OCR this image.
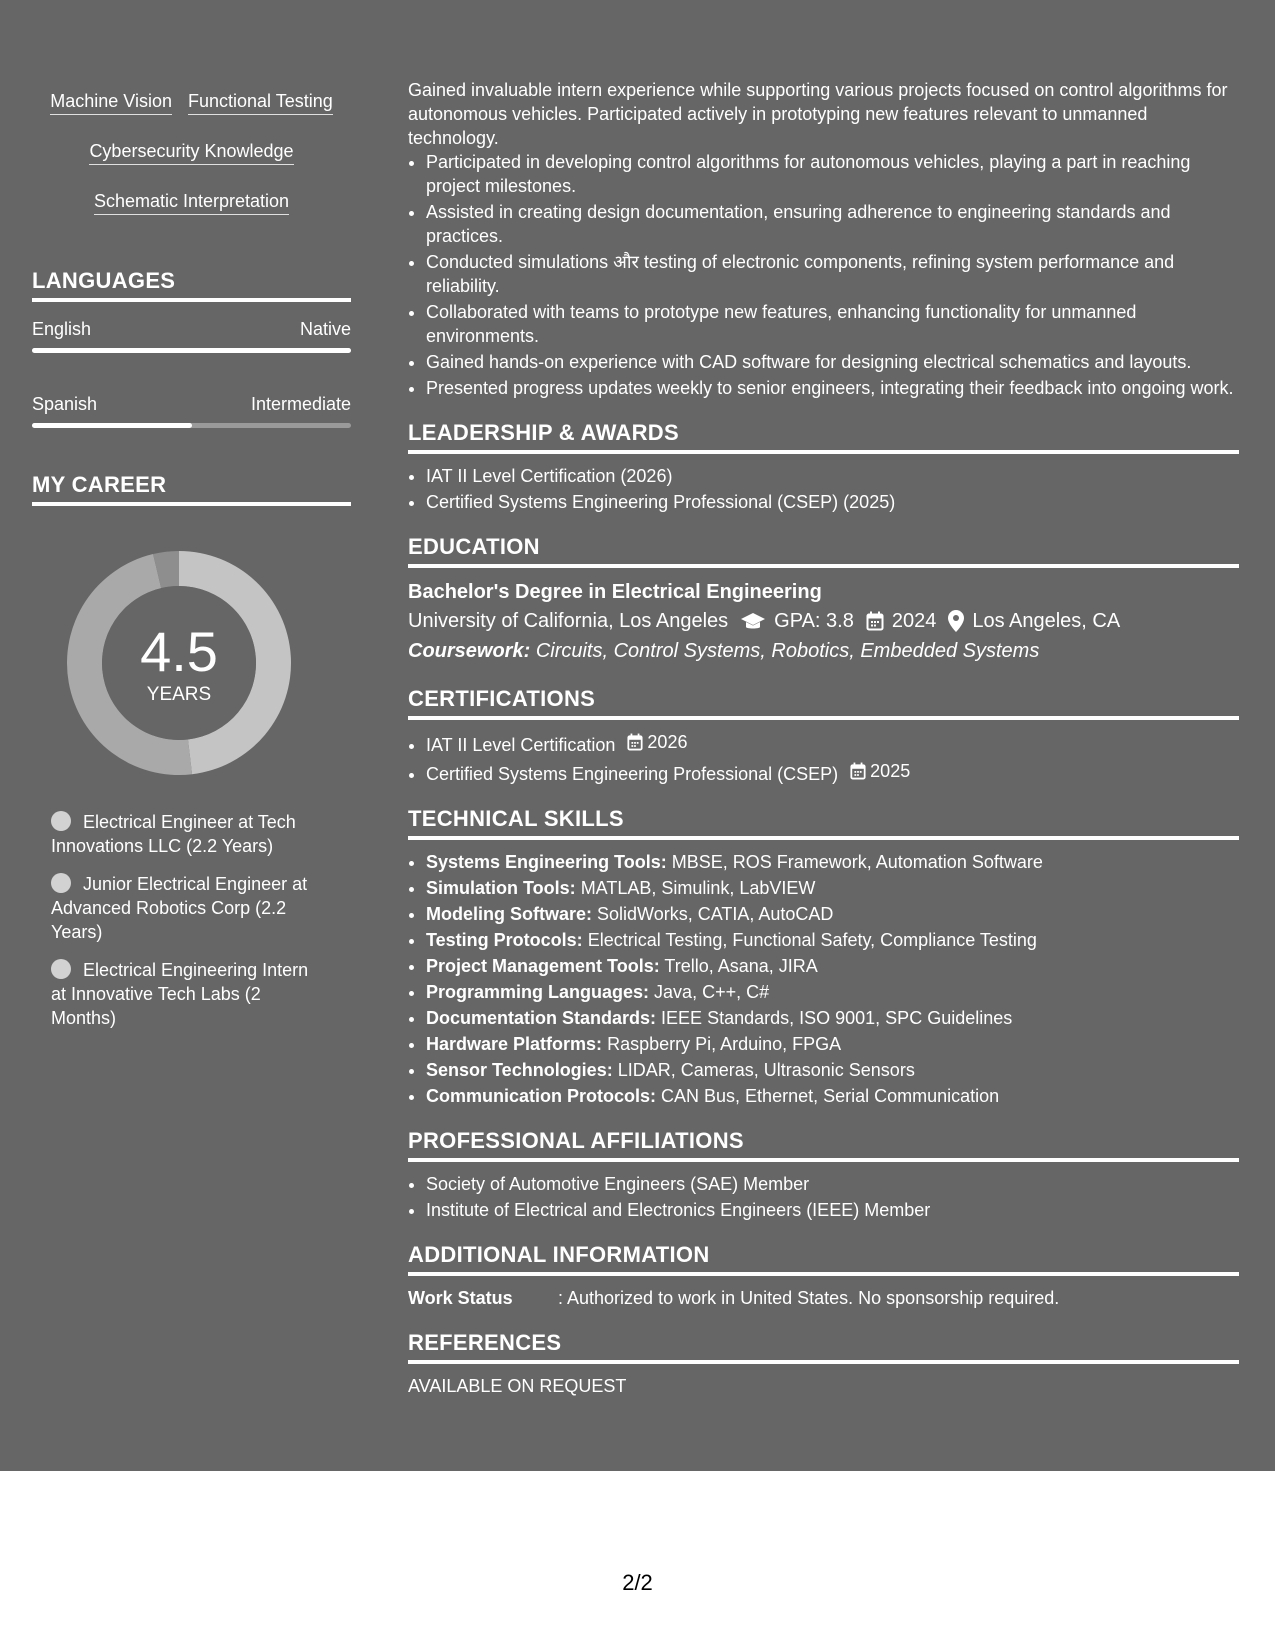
Machine Vision Functional Testing
Cybersecurity Knowledge
Schematic Interpretation
LANGUAGES
English	Native
Spanish	Intermediate
MY CAREER
4.5
YEARS
Electrical Engineer at Tech Innovations LLC (2.2 Years)
Junior Electrical Engineer at Advanced Robotics Corp (2.2 Years)
Electrical Engineering Intern at Innovative Tech Labs (2 Months)
Gained invaluable intern experience while supporting various projects focused on control algorithms for autonomous vehicles. Participated actively in prototyping new features relevant to unmanned technology.
• Participated in developing control algorithms for autonomous vehicles, playing a part in reaching project milestones.
• Assisted in creating design documentation, ensuring adherence to engineering standards and practices.
• Conducted simulations और testing of electronic components, refining system performance and reliability.
• Collaborated with teams to prototype new features, enhancing functionality for unmanned environments.
• Gained hands-on experience with CAD software for designing electrical schematics and layouts.
• Presented progress updates weekly to senior engineers, integrating their feedback into ongoing work.
LEADERSHIP & AWARDS
• IAT II Level Certification (2026)
• Certified Systems Engineering Professional (CSEP) (2025)
EDUCATION
Bachelor's Degree in Electrical Engineering
University of California, Los Angeles GPA: 3.8 2024 Los Angeles, CA
Coursework: Circuits, Control Systems, Robotics, Embedded Systems
CERTIFICATIONS
• IAT II Level Certification 2026
• Certified Systems Engineering Professional (CSEP) 2025
TECHNICAL SKILLS
• Systems Engineering Tools: MBSE, ROS Framework, Automation Software
• Simulation Tools: MATLAB, Simulink, LabVIEW
• Modeling Software: SolidWorks, CATIA, AutoCAD
• Testing Protocols: Electrical Testing, Functional Safety, Compliance Testing
• Project Management Tools: Trello, Asana, JIRA
• Programming Languages: Java, C++, C#
• Documentation Standards: IEEE Standards, ISO 9001, SPC Guidelines
• Hardware Platforms: Raspberry Pi, Arduino, FPGA
• Sensor Technologies: LIDAR, Cameras, Ultrasonic Sensors
• Communication Protocols: CAN Bus, Ethernet, Serial Communication
PROFESSIONAL AFFILIATIONS
• Society of Automotive Engineers (SAE) Member
• Institute of Electrical and Electronics Engineers (IEEE) Member
ADDITIONAL INFORMATION
Work Status	: Authorized to work in United States. No sponsorship required.
REFERENCES
AVAILABLE ON REQUEST
2/2
